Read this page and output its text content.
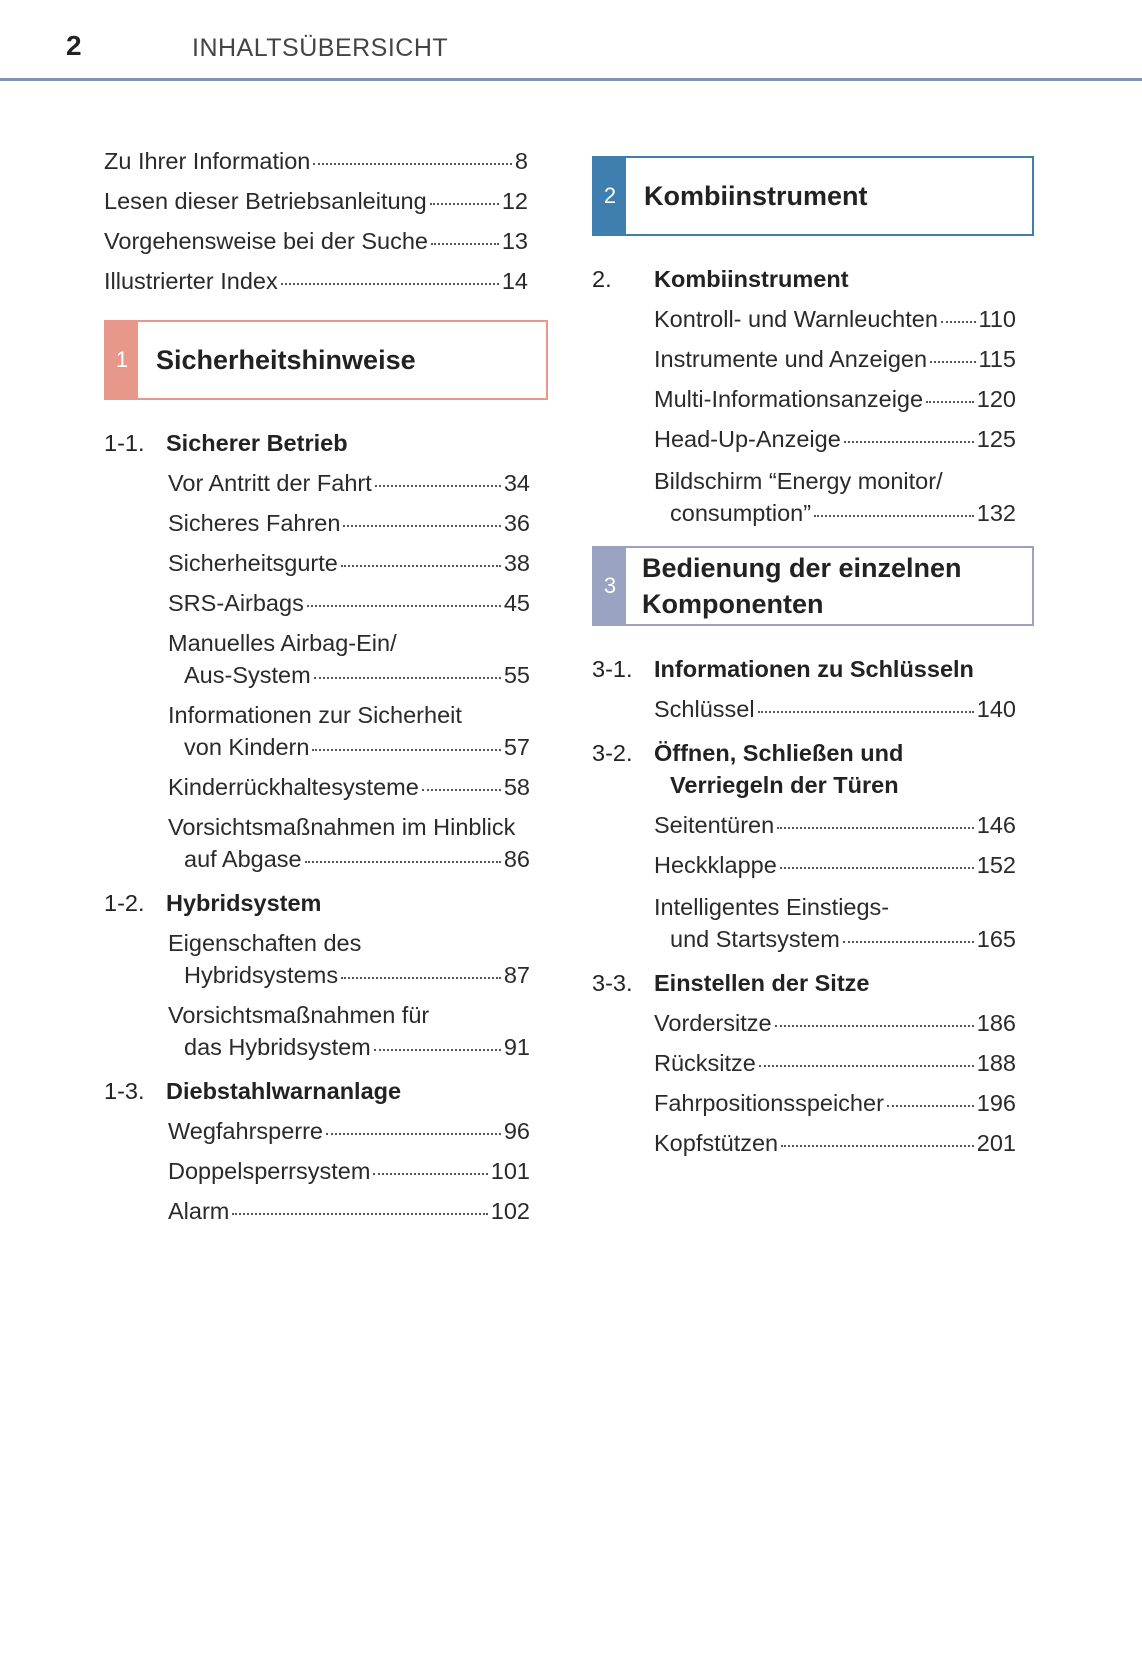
2	INHALTSÜBERSICHT
Zu Ihrer Information	8
Lesen dieser Betriebsanleitung	12
Vorgehensweise bei der Suche	13
Illustrierter Index	14
1	Sicherheitshinweise
1-1. Sicherer Betrieb
Vor Antritt der Fahrt	34
Sicheres Fahren	36
Sicherheitsgurte	38
SRS-Airbags	45
Manuelles Airbag-Ein/
Aus-System	55
Informationen zur Sicherheit
von Kindern	57
Kinderrückhaltesysteme	58
Vorsichtsmaßnahmen im Hinblick
auf Abgase	86
1-2. Hybridsystem
Eigenschaften des
Hybridsystems	87
Vorsichtsmaßnahmen für
das Hybridsystem	91
1-3. Diebstahlwarnanlage
Wegfahrsperre	96
Doppelsperrsystem	101
Alarm	102
2	Kombiinstrument
2. Kombiinstrument
Kontroll- und Warnleuchten 110
Instrumente und Anzeigen 115
Multi-Informationsanzeige 120
Head-Up-Anzeige	125
Bildschirm “Energy monitor/
consumption”	132
3
Bedienung der einzelnen
Komponenten
3-1. Informationen zu Schlüsseln
Schlüssel	140
3-2. Öffnen, Schließen und
Verriegeln der Türen
Seitentüren	146
Heckklappe	152
Intelligentes Einstiegs-
und Startsystem	165
3-3. Einstellen der Sitze
Vordersitze	186
Rücksitze	188
Fahrpositionsspeicher	196
Kopfstützen	201
